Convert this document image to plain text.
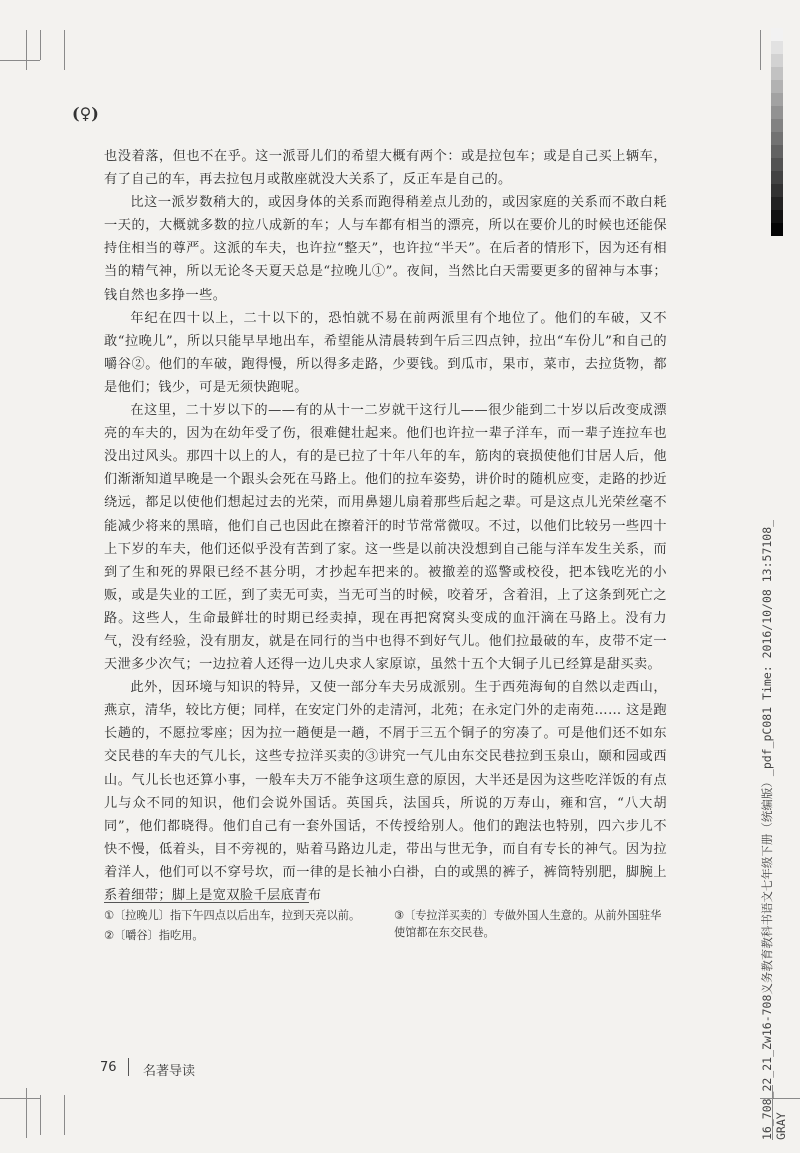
(♀)

也没着落，但也不在乎。这一派哥儿们的希望大概有两个：或是拉包车；或是自己买上辆车，有了自己的车，再去拉包月或散座就没大关系了，反正车是自己的。

比这一派岁数稍大的，或因身体的关系而跑得稍差点儿劲的，或因家庭的关系而不敢白耗一天的，大概就多数的拉八成新的车；人与车都有相当的漂亮，所以在要价儿的时候也还能保持住相当的尊严。这派的车夫，也许拉“整天”，也许拉“半天”。在后者的情形下，因为还有相当的精气神，所以无论冬天夏天总是“拉晚儿①”。夜间，当然比白天需要更多的留神与本事；钱自然也多挣一些。

年纪在四十以上，二十以下的，恐怕就不易在前两派里有个地位了。他们的车破，又不敢“拉晚儿”，所以只能早早地出车，希望能从清晨转到午后三四点钟，拉出“车份儿”和自己的嚼谷②。他们的车破，跑得慢，所以得多走路，少要钱。到瓜市，果市，菜市，去拉货物，都是他们；钱少，可是无须快跑呢。

在这里，二十岁以下的——有的从十一二岁就干这行儿——很少能到二十岁以后改变成漂亮的车夫的，因为在幼年受了伤，很难健壮起来。他们也许拉一辈子洋车，而一辈子连拉车也没出过风头。那四十以上的人，有的是已拉了十年八年的车，筋肉的衰损使他们甘居人后，他们渐渐知道早晚是一个跟头会死在马路上。他们的拉车姿势，讲价时的随机应变，走路的抄近绕远，都足以使他们想起过去的光荣，而用鼻翅儿扇着那些后起之辈。可是这点儿光荣丝毫不能减少将来的黑暗，他们自己也因此在擦着汗的时节常常微叹。不过，以他们比较另一些四十上下岁的车夫，他们还似乎没有苦到了家。这一些是以前决没想到自己能与洋车发生关系，而到了生和死的界限已经不甚分明，才抄起车把来的。被撤差的巡警或校役，把本钱吃光的小贩，或是失业的工匠，到了卖无可卖，当无可当的时候，咬着牙，含着泪，上了这条到死亡之路。这些人，生命最鲜壮的时期已经卖掉，现在再把窝窝头变成的血汗滴在马路上。没有力气，没有经验，没有朋友，就是在同行的当中也得不到好气儿。他们拉最破的车，皮带不定一天泄多少次气；一边拉着人还得一边儿央求人家原谅，虽然十五个大铜子儿已经算是甜买卖。

此外，因环境与知识的特异，又使一部分车夫另成派别。生于西苑海甸的自然以走西山，燕京，清华，较比方便；同样，在安定门外的走清河，北苑；在永定门外的走南苑…… 这是跑长趟的，不愿拉零座；因为拉一趟便是一趟，不屑于三五个铜子的穷凑了。可是他们还不如东交民巷的车夫的气儿长，这些专拉洋买卖的③讲究一气儿由东交民巷拉到玉泉山，颐和园或西山。气儿长也还算小事，一般车夫万不能争这项生意的原因，大半还是因为这些吃洋饭的有点儿与众不同的知识，他们会说外国话。英国兵，法国兵，所说的万寿山，雍和宫，“八大胡同”，他们都晓得。他们自己有一套外国话，不传授给别人。他们的跑法也特别，四六步儿不快不慢，低着头，目不旁视的，贴着马路边儿走，带出与世无争，而自有专长的神气。因为拉着洋人，他们可以不穿号坎，而一律的是长袖小白褂，白的或黑的裤子，裤筒特别肥，脚腕上系着细带；脚上是宽双脸千层底青布

①〔拉晚儿〕指下午四点以后出车，拉到天亮以前。
②〔嚼谷〕指吃用。
③〔专拉洋买卖的〕专做外国人生意的。从前外国驻华使馆都在东交民巷。
76 名著导读	16_708_22_21_Zw16-708义务教育教科书语文七年级下册（统编版）_pdf_pC081 Time: 2016/10/08 13:57108_ GRAY
